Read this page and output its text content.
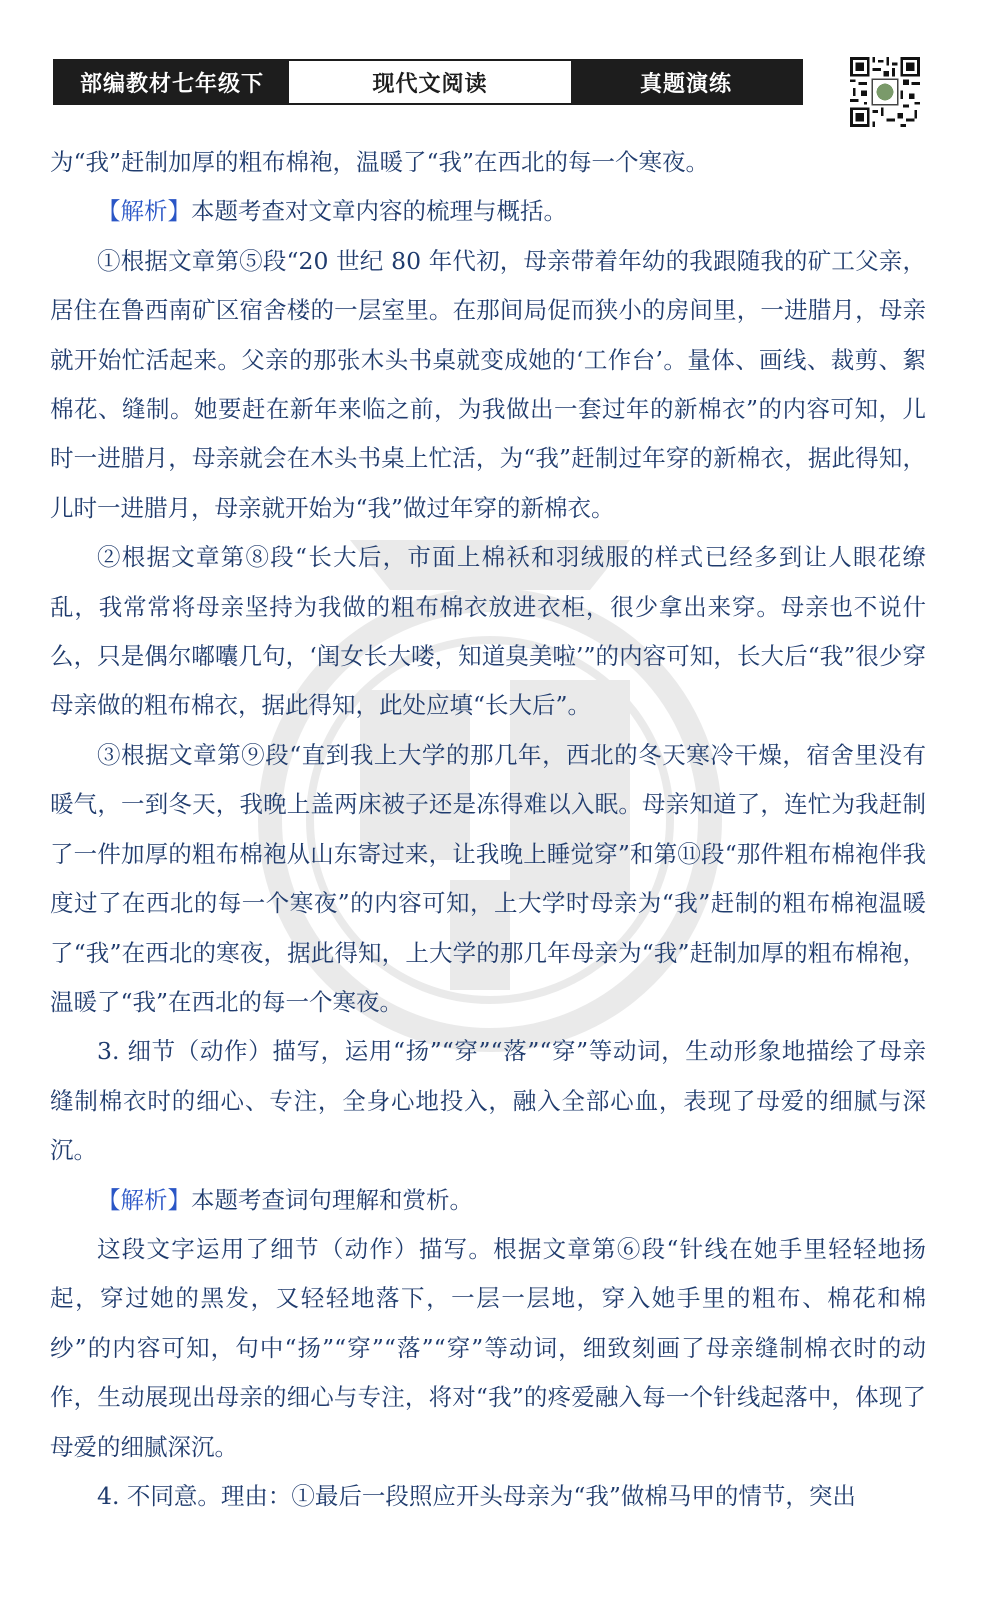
部编教材七年级下	现代文阅读	真题演练

为“我”赶制加厚的粗布棉袍，温暖了“我”在西北的每一个寒夜。

【解析】本题考查对文章内容的梳理与概括。

①根据文章第⑤段“20 世纪 80 年代初，母亲带着年幼的我跟随我的矿工父亲，居住在鲁西南矿区宿舍楼的一层室里。在那间局促而狭小的房间里，一进腊月，母亲就开始忙活起来。父亲的那张木头书桌就变成她的‘工作台’。量体、画线、裁剪、絮棉花、缝制。她要赶在新年来临之前，为我做出一套过年的新棉衣”的内容可知，儿时一进腊月，母亲就会在木头书桌上忙活，为“我”赶制过年穿的新棉衣，据此得知，儿时一进腊月，母亲就开始为“我”做过年穿的新棉衣。

②根据文章第⑧段“长大后，市面上棉袄和羽绒服的样式已经多到让人眼花缭乱，我常常将母亲坚持为我做的粗布棉衣放进衣柜，很少拿出来穿。母亲也不说什么，只是偶尔嘟囔几句，‘闺女长大喽，知道臭美啦’”的内容可知，长大后“我”很少穿母亲做的粗布棉衣，据此得知，此处应填“长大后”。

③根据文章第⑨段“直到我上大学的那几年，西北的冬天寒冷干燥，宿舍里没有暖气，一到冬天，我晚上盖两床被子还是冻得难以入眠。母亲知道了，连忙为我赶制了一件加厚的粗布棉袍从山东寄过来，让我晚上睡觉穿”和第⑪段“那件粗布棉袍伴我度过了在西北的每一个寒夜”的内容可知，上大学时母亲为“我”赶制的粗布棉袍温暖了“我”在西北的寒夜，据此得知，上大学的那几年母亲为“我”赶制加厚的粗布棉袍，温暖了“我”在西北的每一个寒夜。

3. 细节（动作）描写，运用“扬”“穿”“落”“穿”等动词，生动形象地描绘了母亲缝制棉衣时的细心、专注，全身心地投入，融入全部心血，表现了母爱的细腻与深沉。

【解析】本题考查词句理解和赏析。

这段文字运用了细节（动作）描写。根据文章第⑥段“针线在她手里轻轻地扬起，穿过她的黑发，又轻轻地落下，一层一层地，穿入她手里的粗布、棉花和棉纱”的内容可知，句中“扬”“穿”“落”“穿”等动词，细致刻画了母亲缝制棉衣时的动作，生动展现出母亲的细心与专注，将对“我”的疼爱融入每一个针线起落中，体现了母爱的细腻深沉。

4. 不同意。理由：①最后一段照应开头母亲为“我”做棉马甲的情节，突出
